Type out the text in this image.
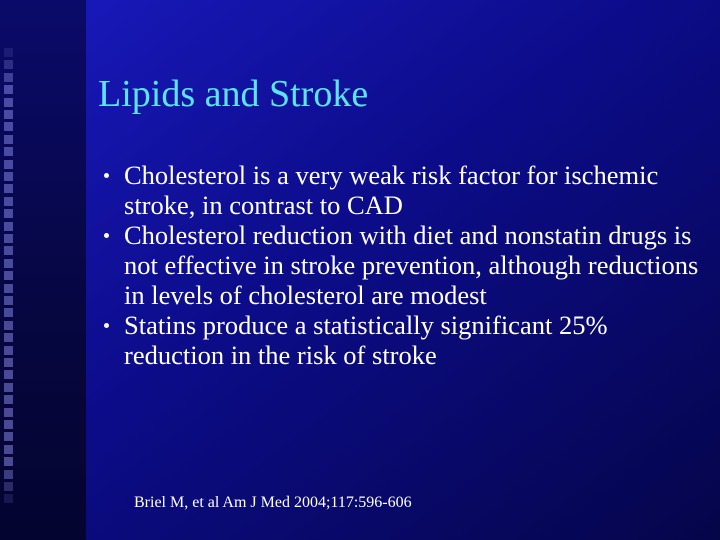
Lipids and Stroke
Cholesterol is a very weak risk factor for ischemic stroke, in contrast to CAD
Cholesterol reduction with diet and nonstatin drugs is not effective in stroke prevention, although reductions in levels of cholesterol are modest
Statins produce a statistically significant 25% reduction in the risk of stroke
Briel M, et al Am J Med 2004;117:596-606
